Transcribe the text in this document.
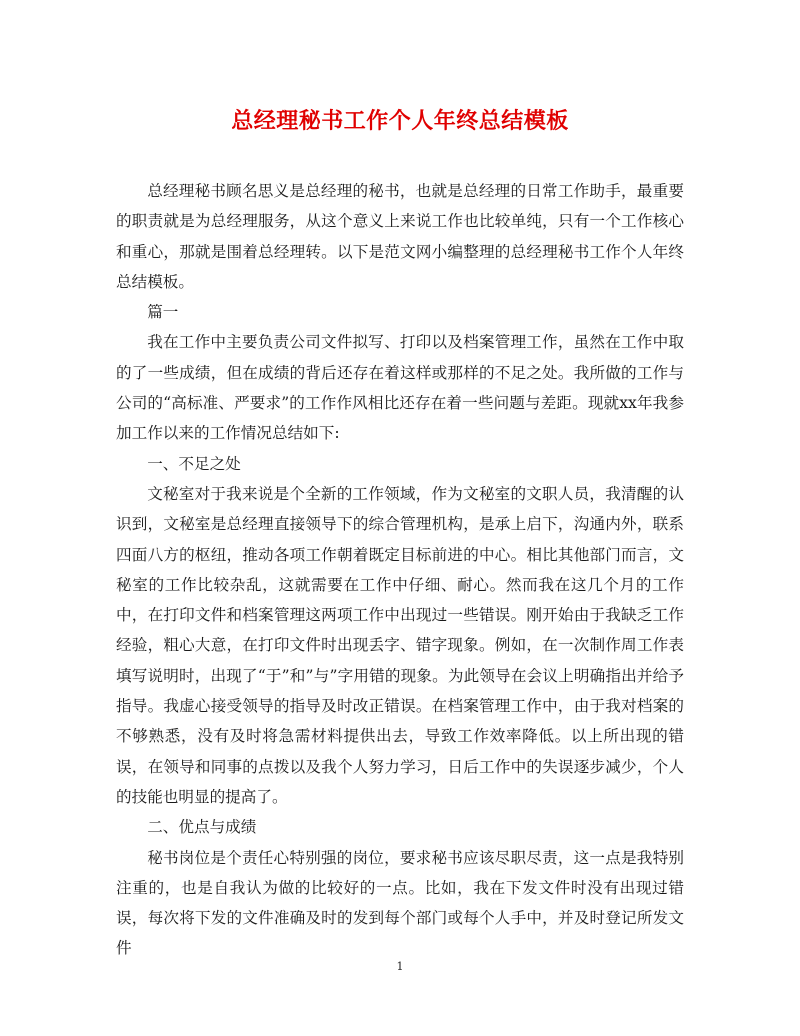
总经理秘书工作个人年终总结模板

总经理秘书顾名思义是总经理的秘书，也就是总经理的日常工作助手，最重要的职责就是为总经理服务，从这个意义上来说工作也比较单纯，只有一个工作核心和重心，那就是围着总经理转。以下是范文网小编整理的总经理秘书工作个人年终总结模板。

篇一

我在工作中主要负责公司文件拟写、打印以及档案管理工作，虽然在工作中取的了一些成绩，但在成绩的背后还存在着这样或那样的不足之处。我所做的工作与公司的“高标准、严要求”的工作作风相比还存在着一些问题与差距。现就xx年我参加工作以来的工作情况总结如下:

一、不足之处

文秘室对于我来说是个全新的工作领域，作为文秘室的文职人员，我清醒的认识到，文秘室是总经理直接领导下的综合管理机构，是承上启下，沟通内外，联系四面八方的枢纽，推动各项工作朝着既定目标前进的中心。相比其他部门而言，文秘室的工作比较杂乱，这就需要在工作中仔细、耐心。然而我在这几个月的工作中，在打印文件和档案管理这两项工作中出现过一些错误。刚开始由于我缺乏工作经验，粗心大意，在打印文件时出现丢字、错字现象。例如，在一次制作周工作表填写说明时，出现了“于”和”与”字用错的现象。为此领导在会议上明确指出并给予指导。我虚心接受领导的指导及时改正错误。在档案管理工作中，由于我对档案的不够熟悉，没有及时将急需材料提供出去，导致工作效率降低。以上所出现的错误，在领导和同事的点拨以及我个人努力学习，日后工作中的失误逐步减少，个人的技能也明显的提高了。

二、优点与成绩

秘书岗位是个责任心特别强的岗位，要求秘书应该尽职尽责，这一点是我特别注重的，也是自我认为做的比较好的一点。比如，我在下发文件时没有出现过错误，每次将下发的文件准确及时的发到每个部门或每个人手中，并及时登记所发文件

1
